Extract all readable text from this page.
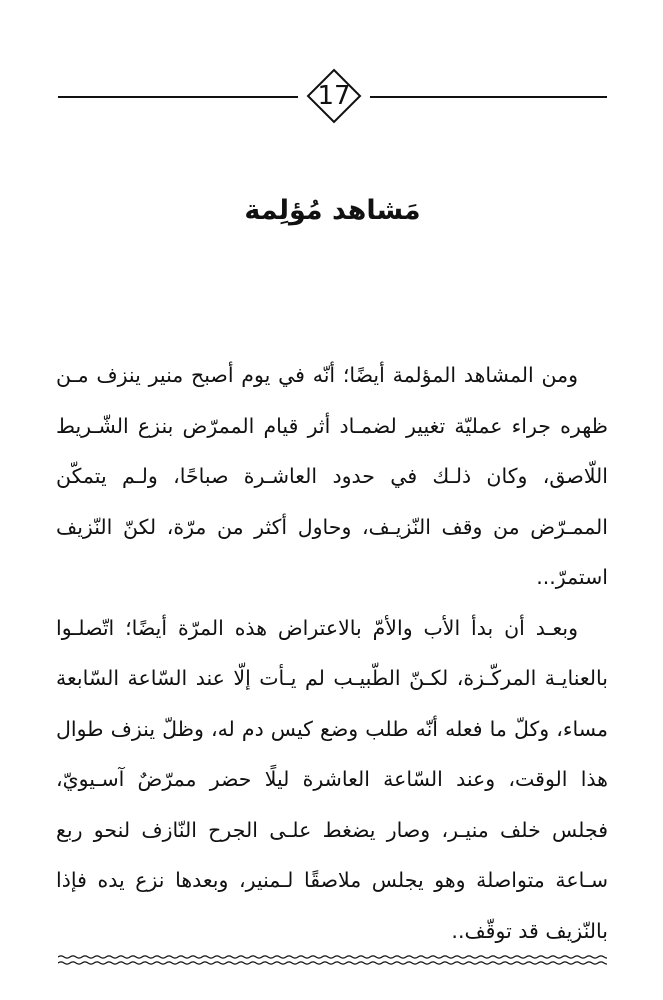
17
مَشاهد مُؤلِمة

ومن المشاهد المؤلمة أيضًا؛ أنّه في يوم أصبح منير ينزف مـن ظهره جراء عمليّة تغيير لضمـاد أثر قيام الممرّض بنزع الشّـريط اللّاصق، وكان ذلـك في حدود العاشـرة صباحًا، ولـم يتمكّن الممـرّض من وقف النّزيـف، وحاول أكثر من مرّة، لكنّ النّزيف استمرّ...

وبعـد أن بدأ الأب والأمّ بالاعتراض هذه المرّة أيضًا؛ اتّصلـوا بالعنايـة المركّـزة، لكـنّ الطّبيـب لم يـأت إلّا عند السّاعة السّابعة مساء، وكلّ ما فعله أنّه طلب وضع كيس دم له، وظلّ ينزف طوال هذا الوقت، وعند السّاعة العاشرة ليلًا حضر ممرّضٌ آسـيويّ، فجلس خلف منيـر، وصار يضغط علـى الجرح النّازف لنحو ربع سـاعة متواصلة وهو يجلس ملاصقًا لـمنير، وبعدها نزع يده فإذا بالنّزيف قد توقّف..
